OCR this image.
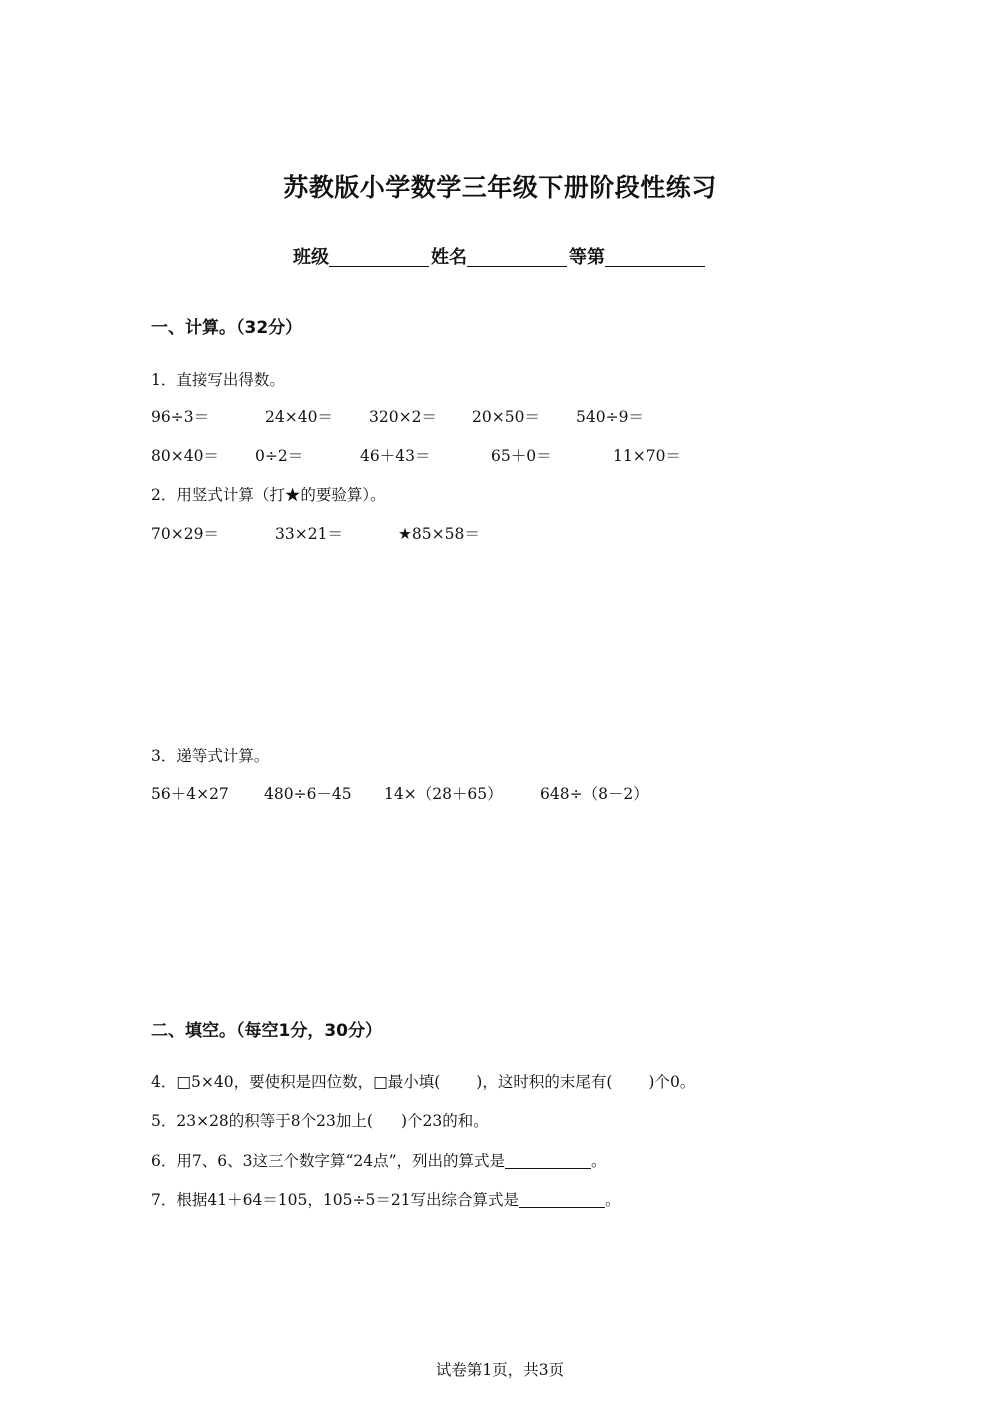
苏教版小学数学三年级下册阶段性练习
班级	姓名	等第
一、计算。（32分）
1．直接写出得数。
96÷3＝	24×40＝ 320×2＝ 20×50＝ 540÷9＝
80×40＝ 0÷2＝	46＋43＝	65＋0＝	11×70＝
2．用竖式计算（打★的要验算）。
70×29＝	33×21＝	★85×58＝
3．递等式计算。
56＋4×27 480÷6－45 14×（28＋65） 648÷（8－2）
二、填空。（每空1分，30分）
4．□5×40，要使积是四位数，□最小填( )，这时积的末尾有( )个0。
5．23×28的积等于8个23加上( )个23的和。
6．用7、6、3这三个数字算“24点”，列出的算式是	。
7．根据41＋64＝105，105÷5＝21写出综合算式是	。
试卷第1页，共3页
